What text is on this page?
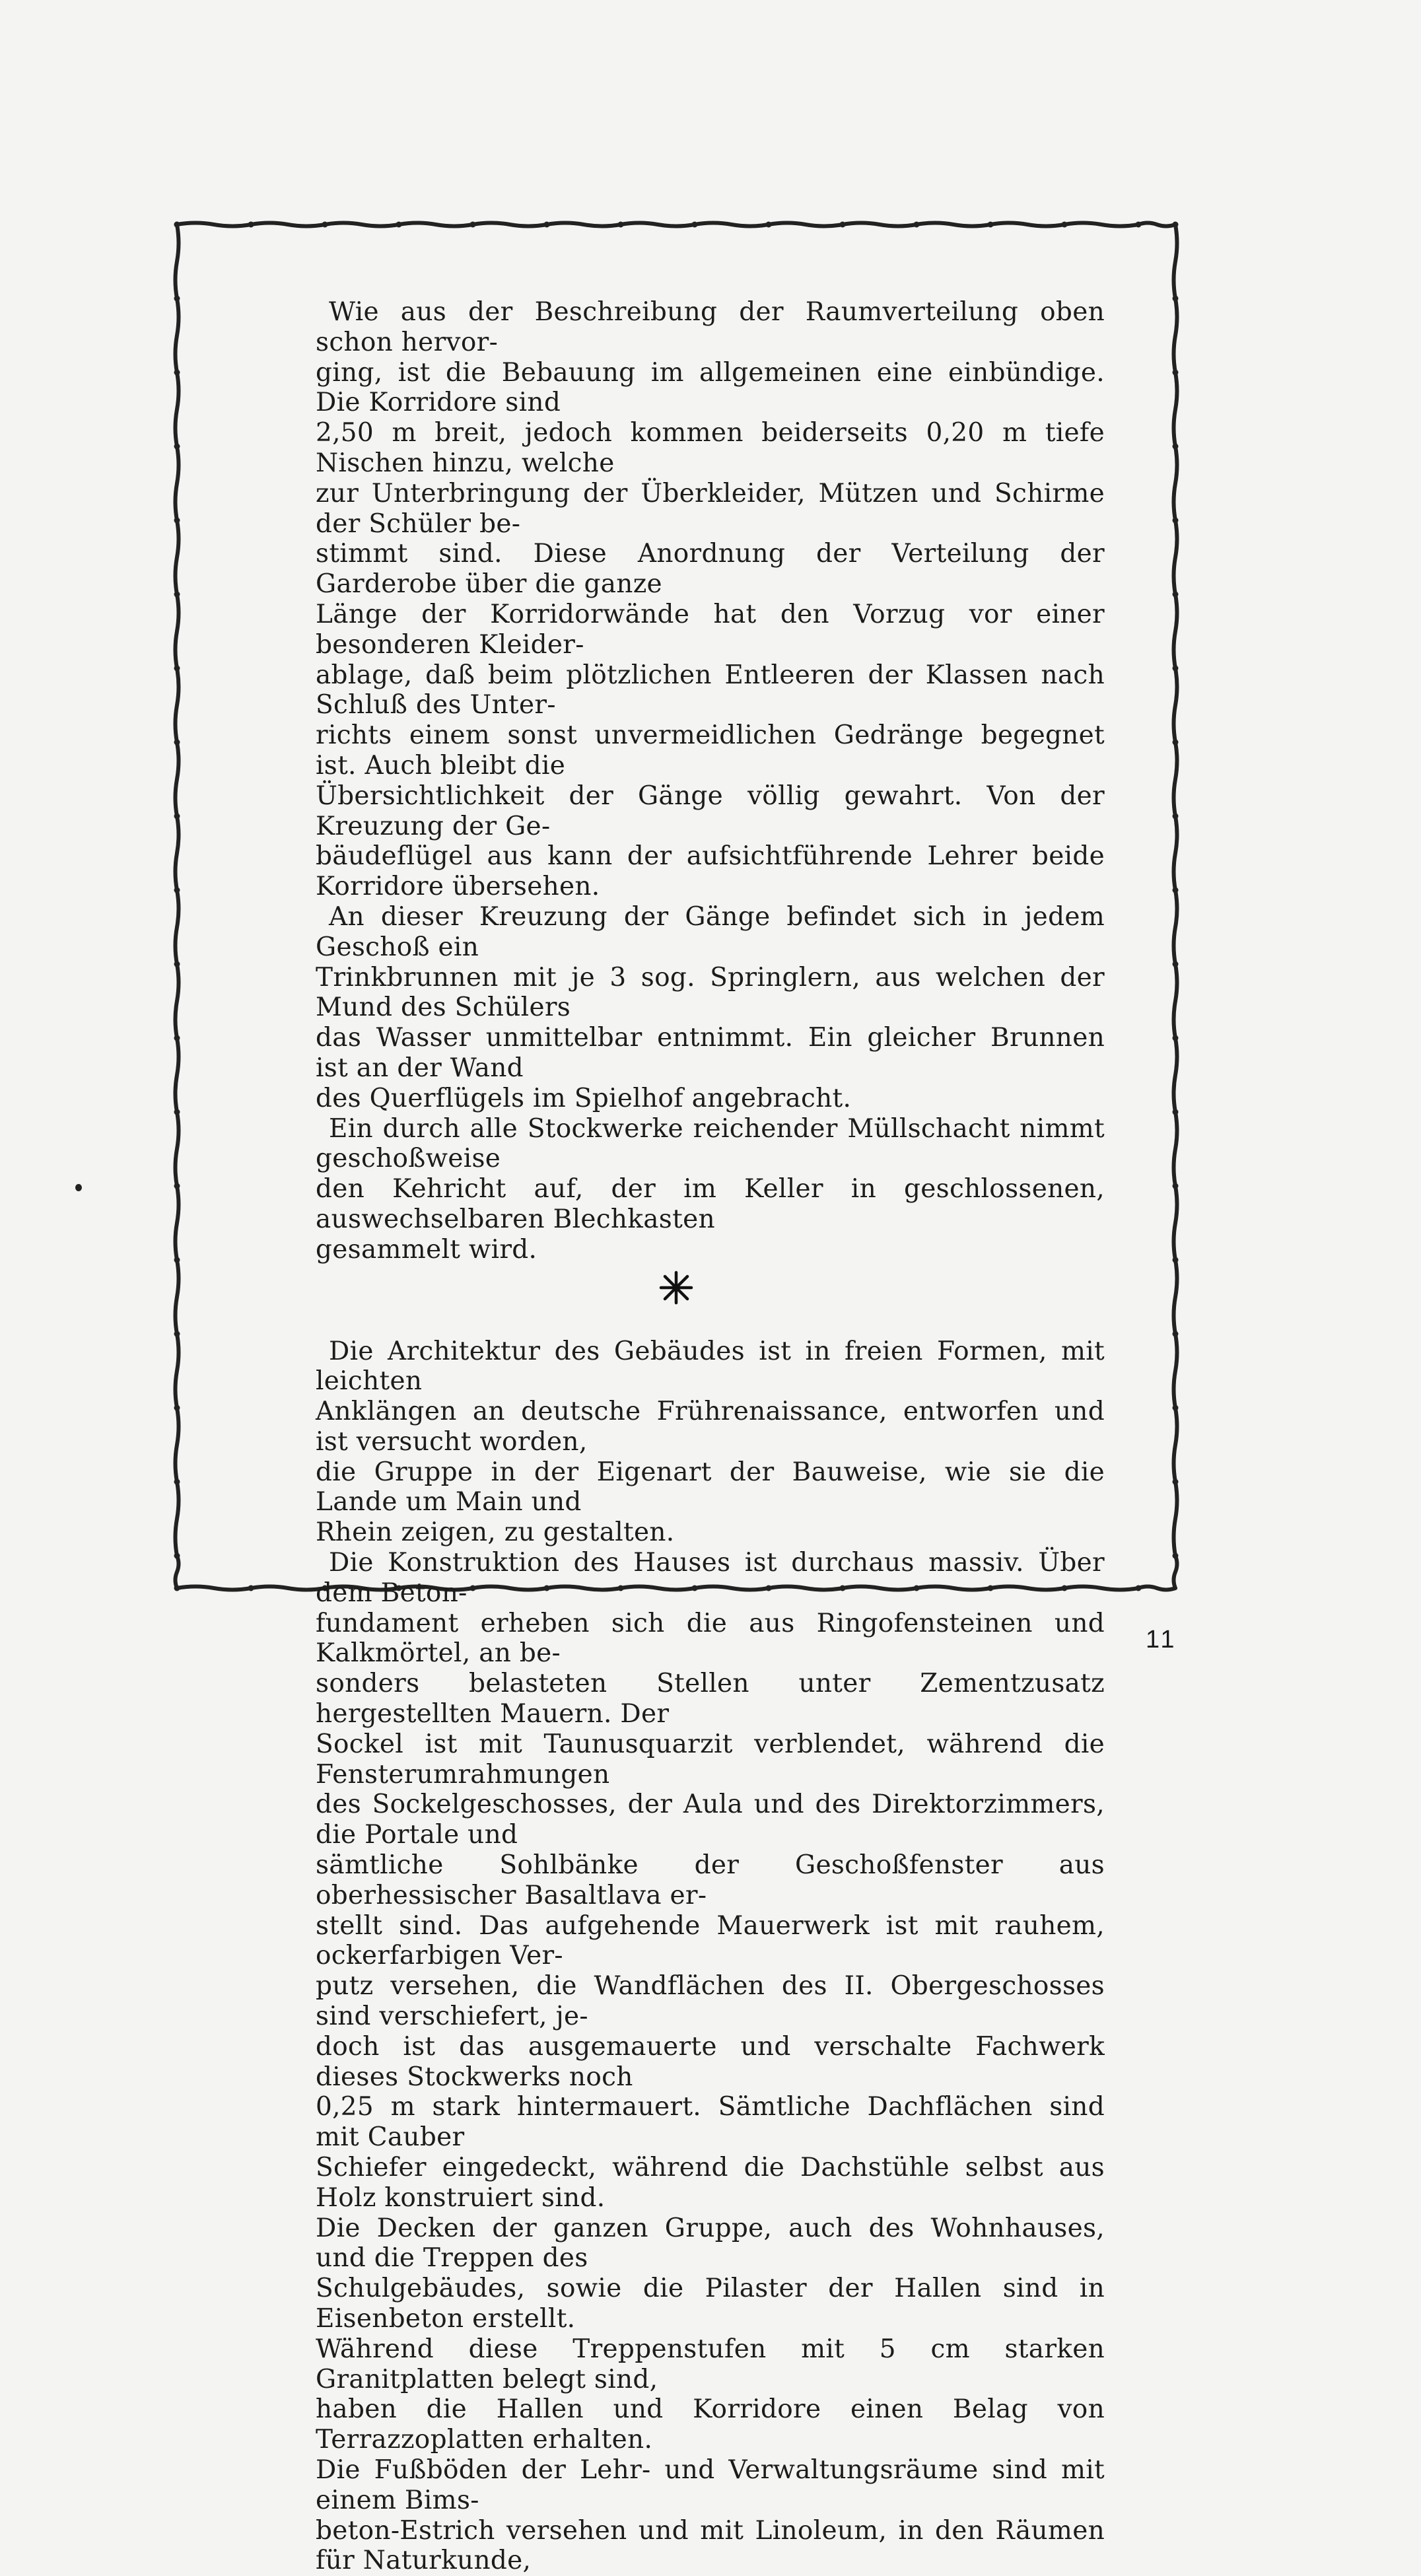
Wie aus der Beschreibung der Raumverteilung oben schon hervor-
ging, ist die Bebauung im allgemeinen eine einbündige. Die Korridore sind
2,50 m breit, jedoch kommen beiderseits 0,20 m tiefe Nischen hinzu, welche
zur Unterbringung der Überkleider, Mützen und Schirme der Schüler be-
stimmt sind. Diese Anordnung der Verteilung der Garderobe über die ganze
Länge der Korridorwände hat den Vorzug vor einer besonderen Kleider-
ablage, daß beim plötzlichen Entleeren der Klassen nach Schluß des Unter-
richts einem sonst unvermeidlichen Gedränge begegnet ist. Auch bleibt die
Übersichtlichkeit der Gänge völlig gewahrt. Von der Kreuzung der Ge-
bäudeflügel aus kann der aufsichtführende Lehrer beide Korridore übersehen.

An dieser Kreuzung der Gänge befindet sich in jedem Geschoß ein
Trinkbrunnen mit je 3 sog. Springlern, aus welchen der Mund des Schülers
das Wasser unmittelbar entnimmt. Ein gleicher Brunnen ist an der Wand
des Querflügels im Spielhof angebracht.

Ein durch alle Stockwerke reichender Müllschacht nimmt geschoßweise
den Kehricht auf, der im Keller in geschlossenen, auswechselbaren Blechkasten
gesammelt wird.

Die Architektur des Gebäudes ist in freien Formen, mit leichten
Anklängen an deutsche Frührenaissance, entworfen und ist versucht worden,
die Gruppe in der Eigenart der Bauweise, wie sie die Lande um Main und
Rhein zeigen, zu gestalten.

Die Konstruktion des Hauses ist durchaus massiv. Über dem Beton-
fundament erheben sich die aus Ringofensteinen und Kalkmörtel, an be-
sonders belasteten Stellen unter Zementzusatz hergestellten Mauern. Der
Sockel ist mit Taunusquarzit verblendet, während die Fensterumrahmungen
des Sockelgeschosses, der Aula und des Direktorzimmers, die Portale und
sämtliche Sohlbänke der Geschoßfenster aus oberhessischer Basaltlava er-
stellt sind. Das aufgehende Mauerwerk ist mit rauhem, ockerfarbigen Ver-
putz versehen, die Wandflächen des II. Obergeschosses sind verschiefert, je-
doch ist das ausgemauerte und verschalte Fachwerk dieses Stockwerks noch
0,25 m stark hintermauert. Sämtliche Dachflächen sind mit Cauber
Schiefer eingedeckt, während die Dachstühle selbst aus Holz konstruiert sind.
Die Decken der ganzen Gruppe, auch des Wohnhauses, und die Treppen des
Schulgebäudes, sowie die Pilaster der Hallen sind in Eisenbeton erstellt.
Während diese Treppenstufen mit 5 cm starken Granitplatten belegt sind,
haben die Hallen und Korridore einen Belag von Terrazzoplatten erhalten.
Die Fußböden der Lehr- und Verwaltungsräume sind mit einem Bims-
beton-Estrich versehen und mit Linoleum, in den Räumen für Naturkunde,

11
